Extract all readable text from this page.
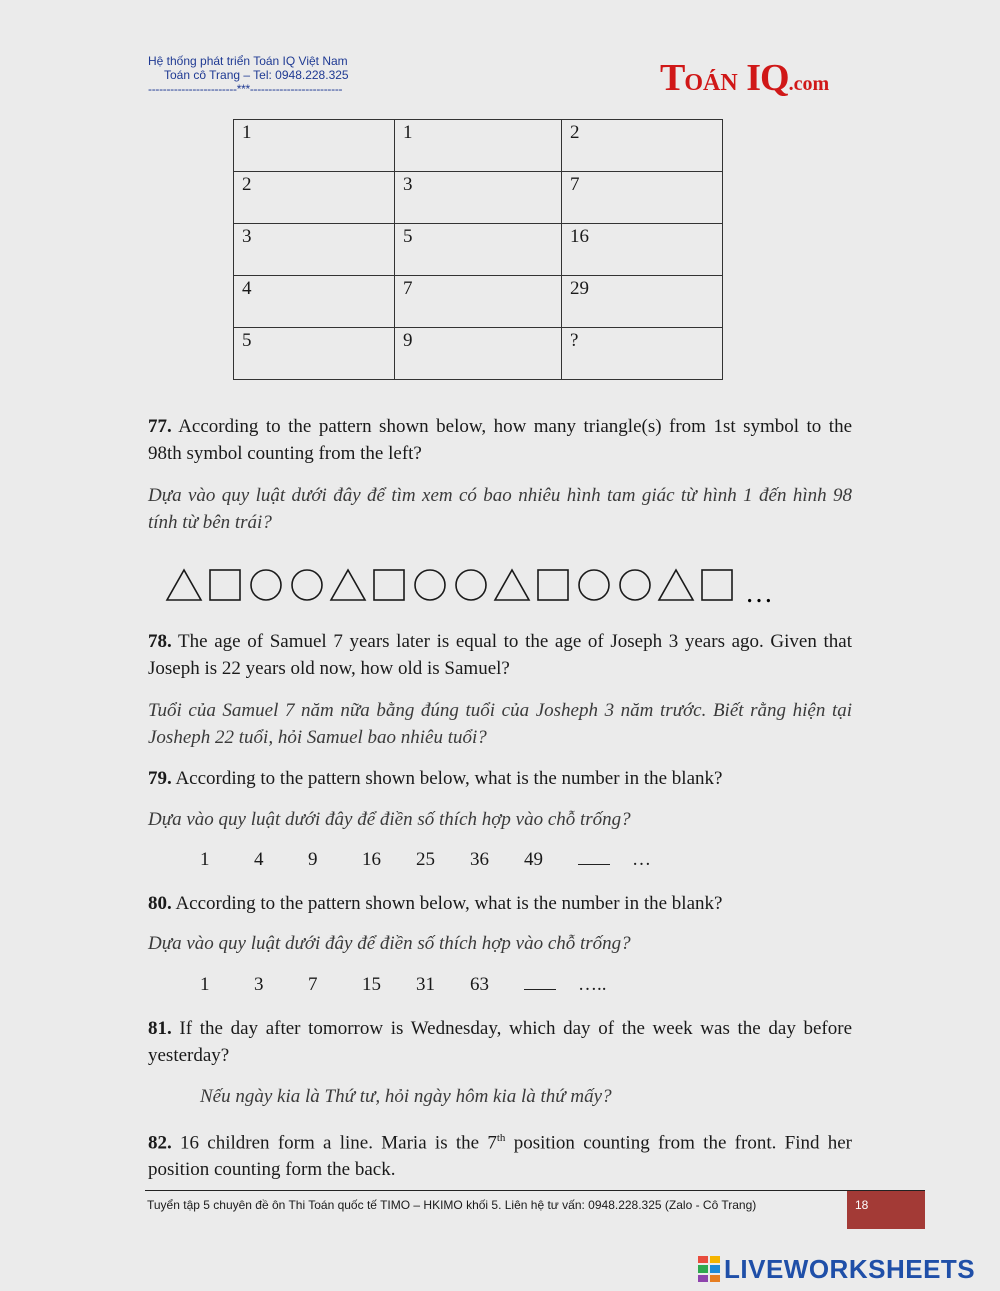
Hệ thống phát triển Toán IQ Việt Nam
Toán cô Trang – Tel: 0948.228.325
------------------------***-------------------------	TOÁN IQ.com
1	1	2
2	3	7
3	5	16
4	7	29
5	9	?
77. According to the pattern shown below, how many triangle(s) from 1st symbol to the 98th symbol counting from the left?
Dựa vào quy luật dưới đây để tìm xem có bao nhiêu hình tam giác từ hình 1 đến hình 98 tính từ bên trái?
…
78. The age of Samuel 7 years later is equal to the age of Joseph 3 years ago. Given that Joseph is 22 years old now, how old is Samuel?
Tuổi của Samuel 7 năm nữa bằng đúng tuổi của Josheph 3 năm trước. Biết rằng hiện tại Josheph 22 tuổi, hỏi Samuel bao nhiêu tuổi?
79. According to the pattern shown below, what is the number in the blank?
Dựa vào quy luật dưới đây để điền số thích hợp vào chỗ trống?
1 4 9 16 25 36 49	…
80. According to the pattern shown below, what is the number in the blank?
Dựa vào quy luật dưới đây để điền số thích hợp vào chỗ trống?
1 3 7 15 31 63	…..
81. If the day after tomorrow is Wednesday, which day of the week was the day before yesterday?
Nếu ngày kia là Thứ tư, hỏi ngày hôm kia là thứ mấy?
82. 16 children form a line. Maria is the 7th position counting from the front. Find her position counting form the back.
Tuyển tập 5 chuyên đề ôn Thi Toán quốc tế TIMO – HKIMO khối 5. Liên hệ tư vấn: 0948.228.325 (Zalo - Cô Trang)	18
LIVEWORKSHEETS
